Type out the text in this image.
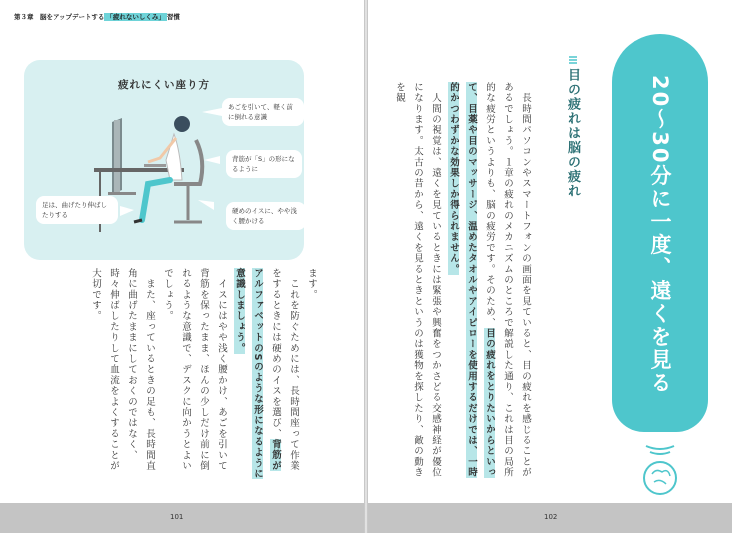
第３章　脳をアップデートする 「疲れないしくみ」 習慣
疲れにくい座り方
あごを引いて、軽く前に倒れる意識
背筋が「S」の形になるように
足は、曲げたり伸ばしたりする	硬めのイスに、やや浅く腰かける
ます。
　これを防ぐためには、長時間座って作業をするときには硬めのイスを選び、背筋がアルファベットのSのような形になるように意識しましょう。
　イスにはやや浅く腰かけ、あごを引いて背筋を保ったまま、ほんの少しだけ前に倒れるような意識で、デスクに向かうとよいでしょう。
　また、座っているときの足も、長時間直角に曲げたままにしておくのではなく、時々伸ばしたりして血流をよくすることが大切です。
101
20〜30分に一度、遠くを見る
目の疲れは脳の疲れ
　長時間パソコンやスマートフォンの画面を見ていると、目の疲れを感じることがあるでしょう。１章の疲れのメカニズムのところで解説した通り、これは目の局所的な疲労というよりも、脳の疲労です。そのため、目の疲れをとりたいからといって、目薬や目のマッサージ、温めたタオルやアイピローを使用するだけでは、一時的かつわずかな効果しか得られません。
　人間の視覚は、遠くを見ているときには緊張や興奮をつかさどる交感神経が優位になります。太古の昔から、遠くを見るときというのは獲物を探したり、敵の動きを観
102
